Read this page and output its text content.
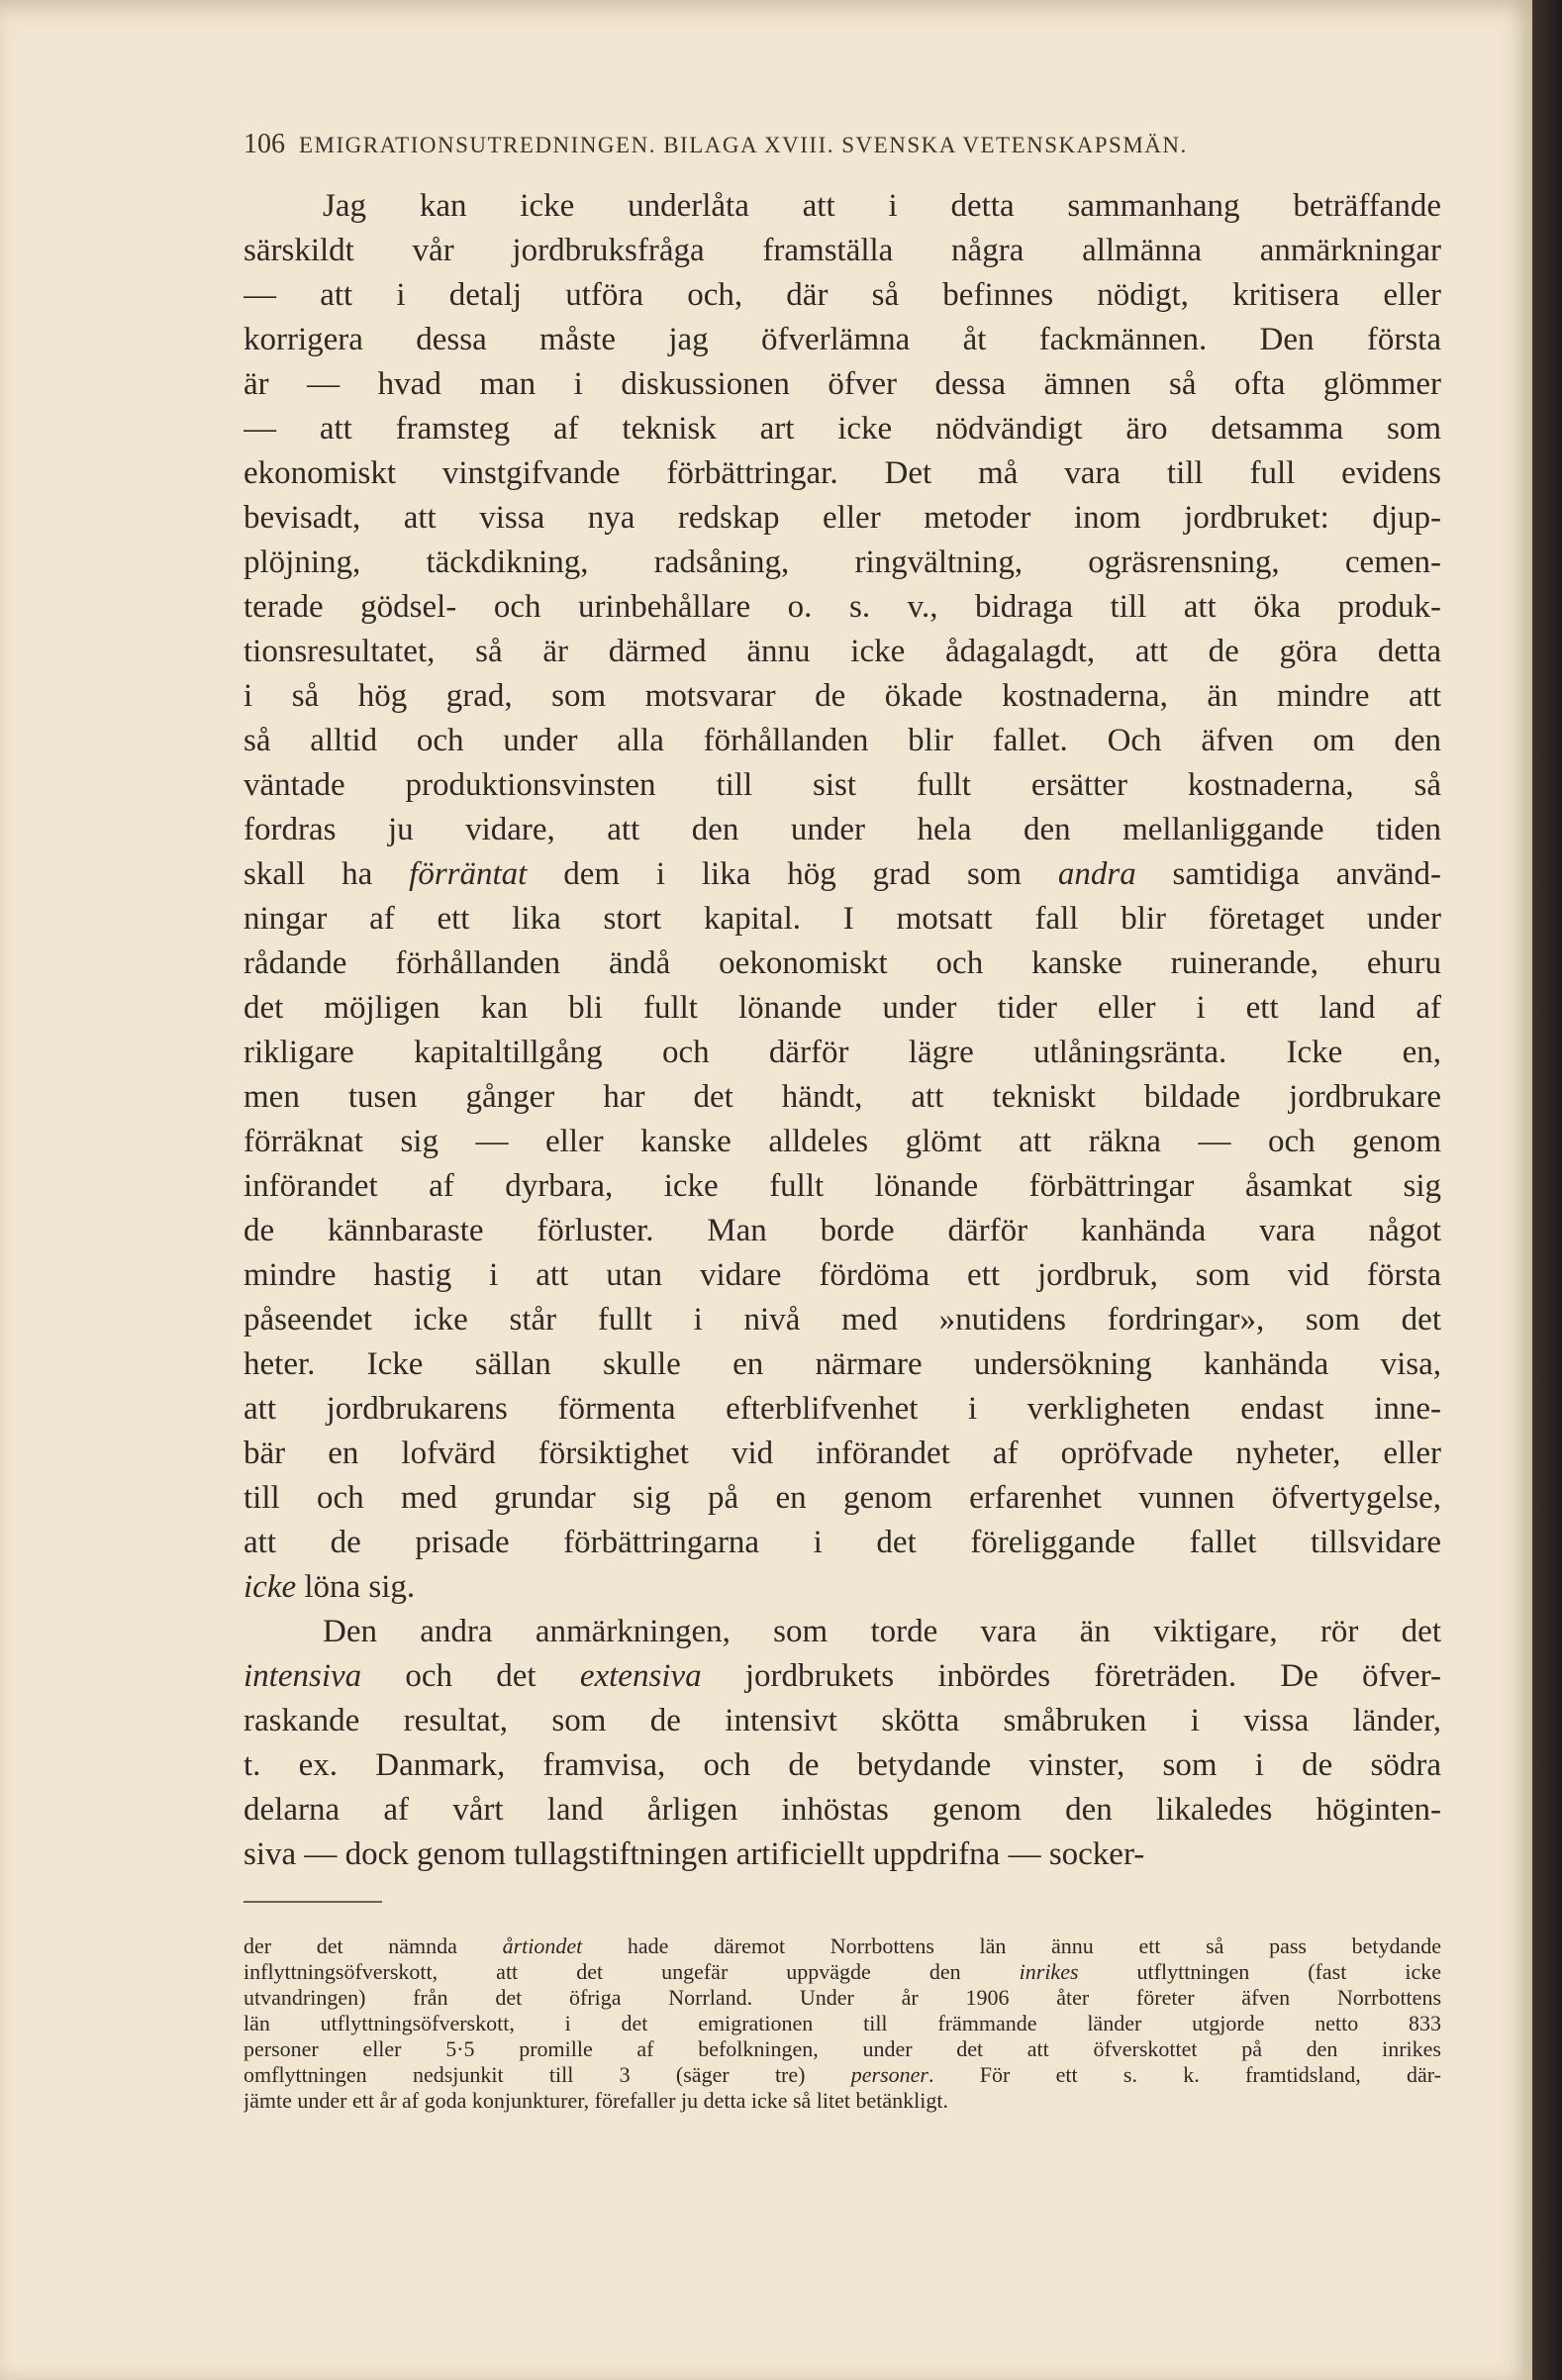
106 EMIGRATIONSUTREDNINGEN. BILAGA XVIII. SVENSKA VETENSKAPSMÄN.
Jag kan icke underlåta att i detta sammanhang beträffande
särskildt vår jordbruksfråga framställa några allmänna anmärkningar
— att i detalj utföra och, där så befinnes nödigt, kritisera eller
korrigera dessa måste jag öfverlämna åt fackmännen. Den första
är — hvad man i diskussionen öfver dessa ämnen så ofta glömmer
— att framsteg af teknisk art icke nödvändigt äro detsamma som
ekonomiskt vinstgifvande förbättringar. Det må vara till full evidens
bevisadt, att vissa nya redskap eller metoder inom jordbruket: djup-
plöjning, täckdikning, radsåning, ringvältning, ogräsrensning, cemen-
terade gödsel- och urinbehållare o. s. v., bidraga till att öka produk-
tionsresultatet, så är därmed ännu icke ådagalagdt, att de göra detta
i så hög grad, som motsvarar de ökade kostnaderna, än mindre att
så alltid och under alla förhållanden blir fallet. Och äfven om den
väntade produktionsvinsten till sist fullt ersätter kostnaderna, så
fordras ju vidare, att den under hela den mellanliggande tiden
skall ha förräntat dem i lika hög grad som andra samtidiga använd-
ningar af ett lika stort kapital. I motsatt fall blir företaget under
rådande förhållanden ändå oekonomiskt och kanske ruinerande, ehuru
det möjligen kan bli fullt lönande under tider eller i ett land af
rikligare kapitaltillgång och därför lägre utlåningsränta. Icke en,
men tusen gånger har det händt, att tekniskt bildade jordbrukare
förräknat sig — eller kanske alldeles glömt att räkna — och genom
införandet af dyrbara, icke fullt lönande förbättringar åsamkat sig
de kännbaraste förluster. Man borde därför kanhända vara något
mindre hastig i att utan vidare fördöma ett jordbruk, som vid första
påseendet icke står fullt i nivå med »nutidens fordringar», som det
heter. Icke sällan skulle en närmare undersökning kanhända visa,
att jordbrukarens förmenta efterblifvenhet i verkligheten endast inne-
bär en lofvärd försiktighet vid införandet af opröfvade nyheter, eller
till och med grundar sig på en genom erfarenhet vunnen öfvertygelse,
att de prisade förbättringarna i det föreliggande fallet tillsvidare
icke löna sig.
Den andra anmärkningen, som torde vara än viktigare, rör det
intensiva och det extensiva jordbrukets inbördes företräden. De öfver-
raskande resultat, som de intensivt skötta småbruken i vissa länder,
t. ex. Danmark, framvisa, och de betydande vinster, som i de södra
delarna af vårt land årligen inhöstas genom den likaledes höginten-
siva — dock genom tullagstiftningen artificiellt uppdrifna — socker-
der det nämnda årtiondet hade däremot Norrbottens län ännu ett så pass betydande
inflyttningsöfverskott, att det ungefär uppvägde den inrikes utflyttningen (fast icke
utvandringen) från det öfriga Norrland. Under år 1906 åter företer äfven Norrbottens
län utflyttningsöfverskott, i det emigrationen till främmande länder utgjorde netto 833
personer eller 5·5 promille af befolkningen, under det att öfverskottet på den inrikes
omflyttningen nedsjunkit till 3 (säger tre) personer. För ett s. k. framtidsland, där-
jämte under ett år af goda konjunkturer, förefaller ju detta icke så litet betänkligt.
